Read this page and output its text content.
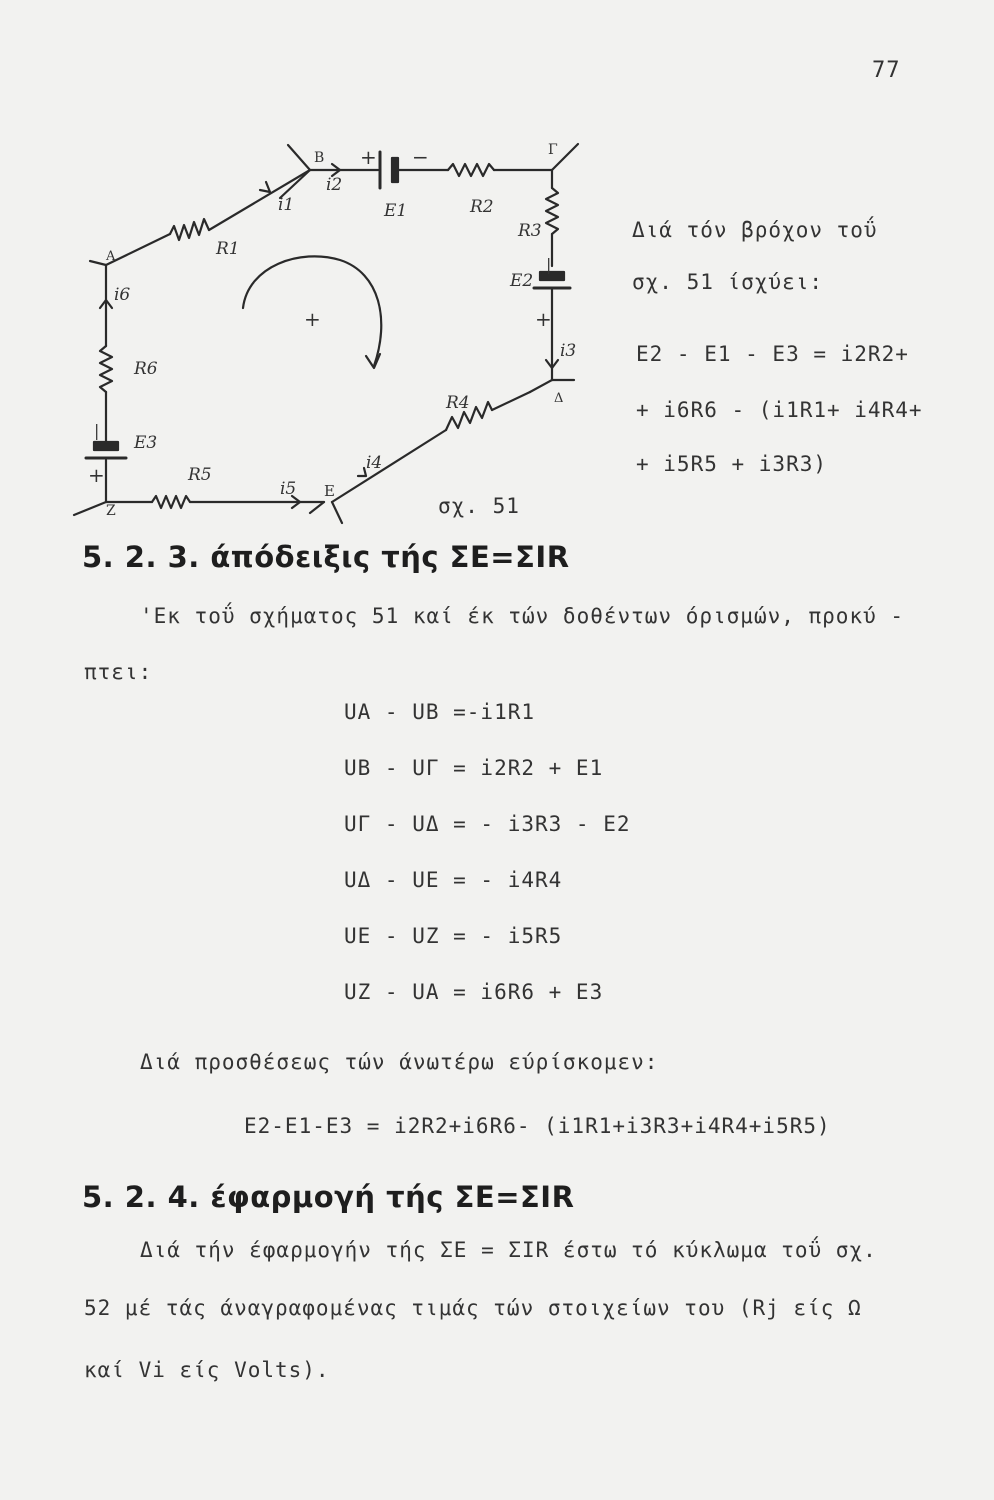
77
+ −
+
+
|
|
A
B	Γ
Δ
E
Z
R1
R2
R3
R4
R5
R6
E1
E2
E3
i1
i2
i3
i4
i5
i6
+
σχ. 51
Διά τόν βρόχον τοΰ
σχ. 51 ίσχύει:
E2 - E1 - E3 = i2R2+
+ i6R6 - (i1R1+ i4R4+
+ i5R5 + i3R3)
5. 2. 3. άπόδειξις τής ΣΕ=ΣΙR
'Εκ τοΰ σχήματος 51 καί έκ τών δοθέντων όρισμών, προκύ -
πτει:
UA - UB =-i1R1
UB - UΓ = i2R2 + E1
UΓ - UΔ = - i3R3 - E2
UΔ - UE = - i4R4
UE - UZ = - i5R5
UZ - UA = i6R6 + E3
Διά προσθέσεως τών άνωτέρω εύρίσκομεν:
E2-E1-E3 = i2R2+i6R6- (i1R1+i3R3+i4R4+i5R5)
5. 2. 4. έφαρμογή τής ΣΕ=ΣΙR
Διά τήν έφαρμογήν τής ΣΕ = ΣΙR έστω τό κύκλωμα τοΰ σχ.
52 μέ τάς άναγραφομένας τιμάς τών στοιχείων του (Rj είς Ω
καί Vi είς Volts).
